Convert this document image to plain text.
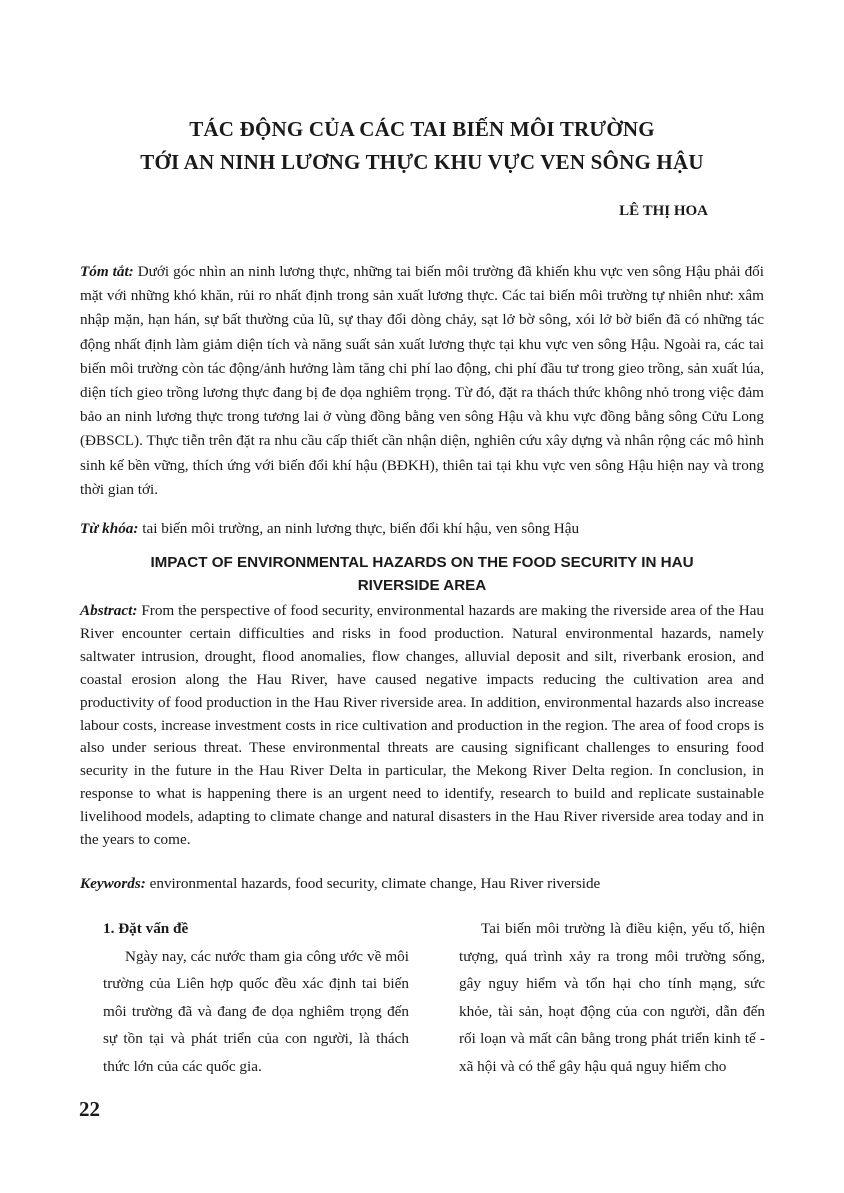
TÁC ĐỘNG CỦA CÁC TAI BIẾN MÔI TRƯỜNG
TỚI AN NINH LƯƠNG THỰC KHU VỰC VEN SÔNG HẬU
LÊ THỊ HOA
Tóm tắt: Dưới góc nhìn an ninh lương thực, những tai biến môi trường đã khiến khu vực ven sông Hậu phải đối mặt với những khó khăn, rủi ro nhất định trong sản xuất lương thực. Các tai biến môi trường tự nhiên như: xâm nhập mặn, hạn hán, sự bất thường của lũ, sự thay đổi dòng chảy, sạt lở bờ sông, xói lở bờ biển đã có những tác động nhất định làm giảm diện tích và năng suất sản xuất lương thực tại khu vực ven sông Hậu. Ngoài ra, các tai biến môi trường còn tác động/ảnh hưởng làm tăng chi phí lao động, chi phí đầu tư trong gieo trồng, sản xuất lúa, diện tích gieo trồng lương thực đang bị đe dọa nghiêm trọng. Từ đó, đặt ra thách thức không nhỏ trong việc đảm bảo an ninh lương thực trong tương lai ở vùng đồng bằng ven sông Hậu và khu vực đồng bằng sông Cửu Long (ĐBSCL). Thực tiễn trên đặt ra nhu cầu cấp thiết cần nhận diện, nghiên cứu xây dựng và nhân rộng các mô hình sinh kế bền vững, thích ứng với biến đổi khí hậu (BĐKH), thiên tai tại khu vực ven sông Hậu hiện nay và trong thời gian tới.
Từ khóa: tai biến môi trường, an ninh lương thực, biến đổi khí hậu, ven sông Hậu
IMPACT OF ENVIRONMENTAL HAZARDS ON THE FOOD SECURITY IN HAU
RIVERSIDE AREA
Abstract: From the perspective of food security, environmental hazards are making the riverside area of the Hau River encounter certain difficulties and risks in food production. Natural environmental hazards, namely saltwater intrusion, drought, flood anomalies, flow changes, alluvial deposit and silt, riverbank erosion, and coastal erosion along the Hau River, have caused negative impacts reducing the cultivation area and productivity of food production in the Hau River riverside area. In addition, environmental hazards also increase labour costs, increase investment costs in rice cultivation and production in the region. The area of food crops is also under serious threat. These environmental threats are causing significant challenges to ensuring food security in the future in the Hau River Delta in particular, the Mekong River Delta region. In conclusion, in response to what is happening there is an urgent need to identify, research to build and replicate sustainable livelihood models, adapting to climate change and natural disasters in the Hau River riverside area today and in the years to come.
Keywords: environmental hazards, food security, climate change, Hau River riverside

1. Đặt vấn đề

Ngày nay, các nước tham gia công ước về môi trường của Liên hợp quốc đều xác định tai biến môi trường đã và đang đe dọa nghiêm trọng đến sự tồn tại và phát triển của con người, là thách thức lớn của các quốc gia.

Tai biến môi trường là điều kiện, yếu tố, hiện tượng, quá trình xảy ra trong môi trường sống, gây nguy hiểm và tổn hại cho tính mạng, sức khỏe, tài sản, hoạt động của con người, dẫn đến rối loạn và mất cân bằng trong phát triển kinh tế - xã hội và có thể gây hậu quả nguy hiểm cho

22
